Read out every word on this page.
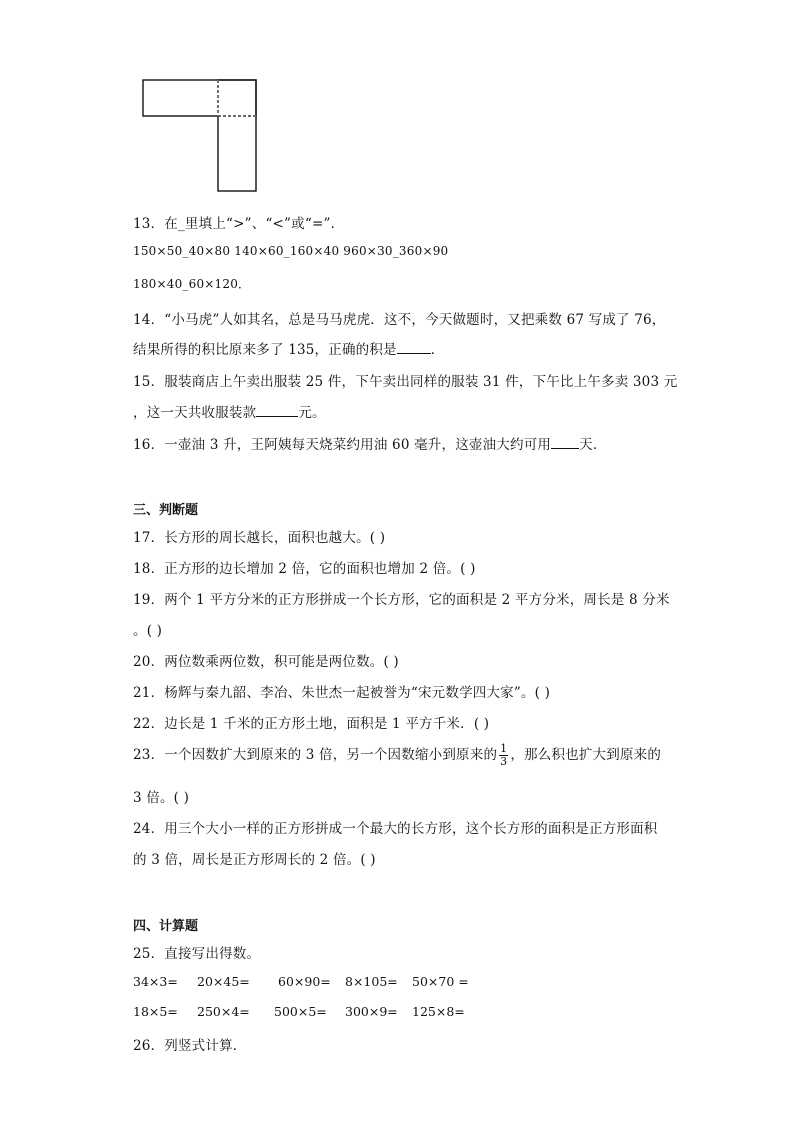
13．在_里填上“>”、“<”或“=”．
150×50_40×80 140×60_160×40 960×30_360×90
180×40_60×120．
14．“小马虎”人如其名，总是马马虎虎．这不，今天做题时，又把乘数 67 写成了 76，
结果所得的积比原来多了 135，正确的积是	．
15．服装商店上午卖出服装 25 件，下午卖出同样的服装 31 件，下午比上午多卖 303 元
，这一天共收服装款	元。
16．一壶油 3 升，王阿姨每天烧菜约用油 60 毫升，这壶油大约可用 天．
三、判断题
17．长方形的周长越长，面积也越大。( )
18．正方形的边长增加 2 倍，它的面积也增加 2 倍。( )
19．两个 1 平方分米的正方形拼成一个长方形，它的面积是 2 平方分米，周长是 8 分米
。( )
20．两位数乘两位数，积可能是两位数。( )
21．杨辉与秦九韶、李冶、朱世杰一起被誉为“宋元数学四大家”。( )
22．边长是 1 千米的正方形土地，面积是 1 平方千米．( )
23．一个因数扩大到原来的 3 倍，另一个因数缩小到原来的 $\frac{1}{3}$ ，那么积也扩大到原来的
3 倍。( )
24．用三个大小一样的正方形拼成一个最大的长方形，这个长方形的面积是正方形面积
的 3 倍，周长是正方形周长的 2 倍。( )
四、计算题
25．直接写出得数。
34×3= 20×45= 60×90= 8×105= 50×70 =
18×5= 250×4= 500×5= 300×9= 125×8=
26．列竖式计算．
